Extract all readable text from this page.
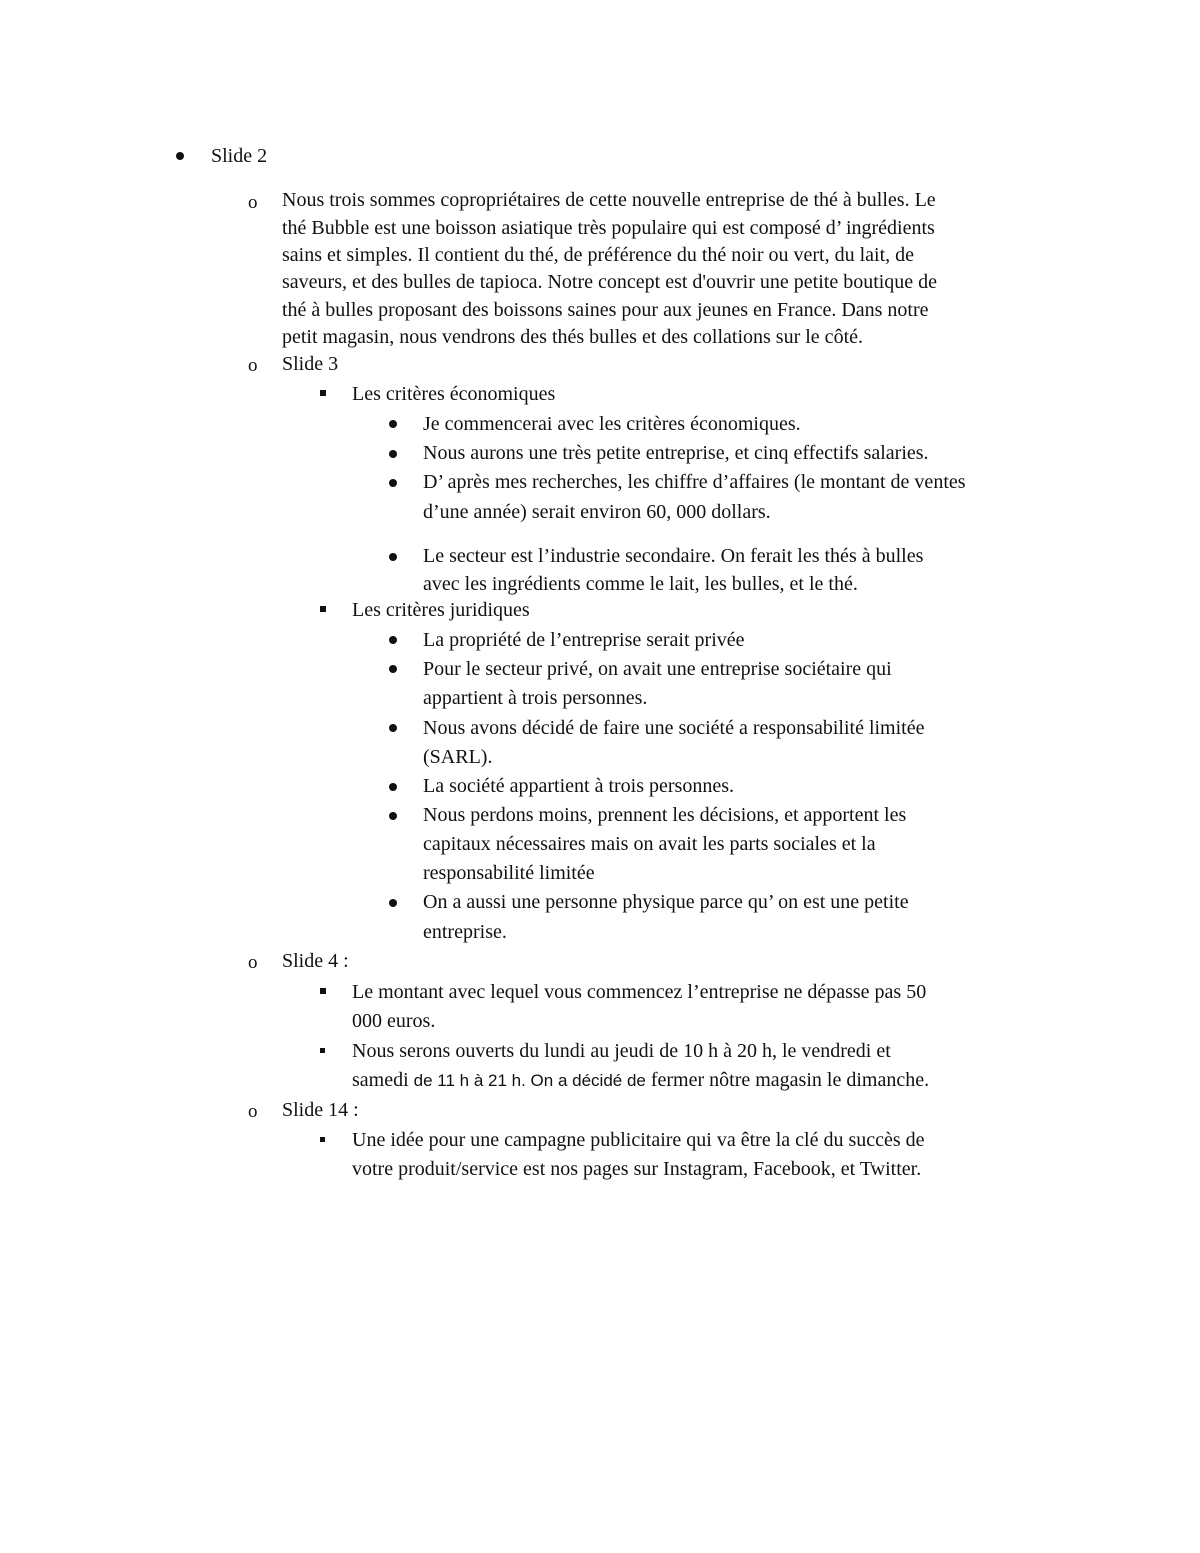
Slide 2
o Nous trois sommes copropriétaires de cette nouvelle entreprise de thé à bulles. Le
thé Bubble est une boisson asiatique très populaire qui est composé d’ ingrédients
sains et simples. Il contient du thé, de préférence du thé noir ou vert, du lait, de
saveurs, et des bulles de tapioca. Notre concept est d'ouvrir une petite boutique de
thé à bulles proposant des boissons saines pour aux jeunes en France. Dans notre
petit magasin, nous vendrons des thés bulles et des collations sur le côté.
o Slide 3
Les critères économiques
Je commencerai avec les critères économiques.
Nous aurons une très petite entreprise, et cinq effectifs salaries.
D’ après mes recherches, les chiffre d’affaires (le montant de ventes
d’une année) serait environ 60, 000 dollars.
Le secteur est l’industrie secondaire. On ferait les thés à bulles
avec les ingrédients comme le lait, les bulles, et le thé.
Les critères juridiques
La propriété de l’entreprise serait privée
Pour le secteur privé, on avait une entreprise sociétaire qui
appartient à trois personnes.
Nous avons décidé de faire une société a responsabilité limitée
(SARL).
La société appartient à trois personnes.
Nous perdons moins, prennent les décisions, et apportent les
capitaux nécessaires mais on avait les parts sociales et la
responsabilité limitée
On a aussi une personne physique parce qu’ on est une petite
entreprise.
o Slide 4 :
Le montant avec lequel vous commencez l’entreprise ne dépasse pas 50
000 euros.
Nous serons ouverts du lundi au jeudi de 10 h à 20 h, le vendredi et
samedi de 11 h à 21 h. On a décidé de fermer nôtre magasin le dimanche.
o Slide 14 :
Une idée pour une campagne publicitaire qui va être la clé du succès de
votre produit/service est nos pages sur Instagram, Facebook, et Twitter.
